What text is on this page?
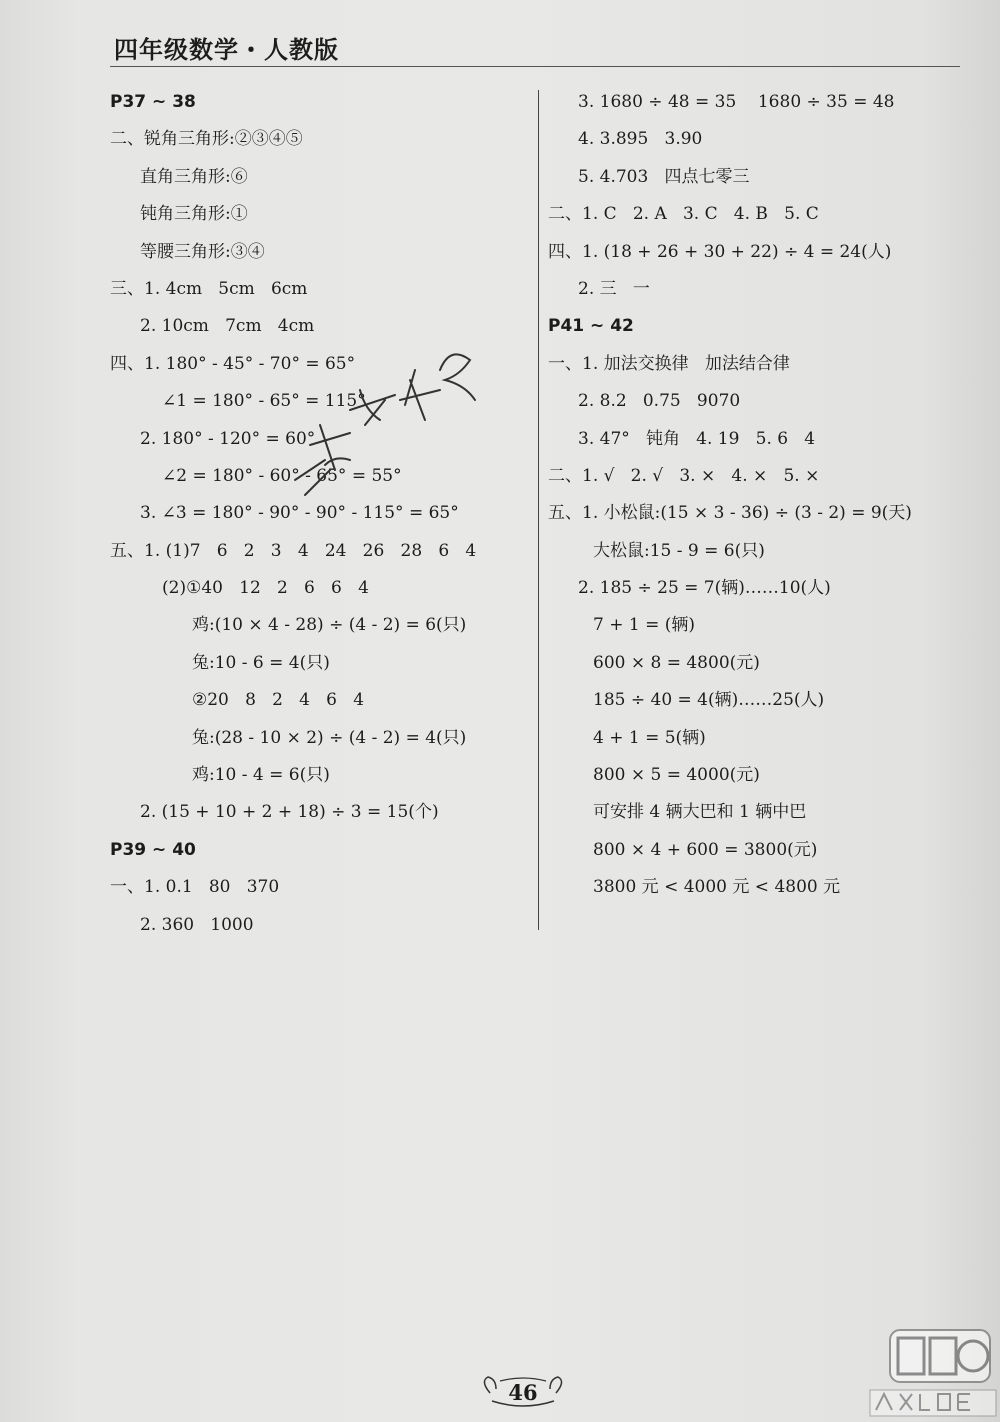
四年级数学・人教版
P37 ~ 38
二、锐角三角形:②③④⑤
直角三角形:⑥
钝角三角形:①
等腰三角形:③④
三、1. 4cm   5cm   6cm
2. 10cm   7cm   4cm
四、1. 180° - 45° - 70° = 65°
∠1 = 180° - 65° = 115°
2. 180° - 120° = 60°
∠2 = 180° - 60° - 65° = 55°
3. ∠3 = 180° - 90° - 90° - 115° = 65°
五、1. (1)7   6   2   3   4   24   26   28   6   4
(2)①40   12   2   6   6   4
鸡:(10 × 4 - 28) ÷ (4 - 2) = 6(只)
兔:10 - 6 = 4(只)
②20   8   2   4   6   4
兔:(28 - 10 × 2) ÷ (4 - 2) = 4(只)
鸡:10 - 4 = 6(只)
2. (15 + 10 + 2 + 18) ÷ 3 = 15(个)
P39 ~ 40
一、1. 0.1   80   370
2. 360   1000
3. 1680 ÷ 48 = 35    1680 ÷ 35 = 48
4. 3.895   3.90
5. 4.703   四点七零三
二、1. C   2. A   3. C   4. B   5. C
四、1. (18 + 26 + 30 + 22) ÷ 4 = 24(人)
2. 三   一
P41 ~ 42
一、1. 加法交换律   加法结合律
2. 8.2   0.75   9070
3. 47°   钝角   4. 19   5. 6   4
二、1. √   2. √   3. ×   4. ×   5. ×
五、1. 小松鼠:(15 × 3 - 36) ÷ (3 - 2) = 9(天)
大松鼠:15 - 9 = 6(只)
2. 185 ÷ 25 = 7(辆)……10(人)
7 + 1 = (辆)
600 × 8 = 4800(元)
185 ÷ 40 = 4(辆)……25(人)
4 + 1 = 5(辆)
800 × 5 = 4000(元)
可安排 4 辆大巴和 1 辆中巴
800 × 4 + 600 = 3800(元)
3800 元 < 4000 元 < 4800 元
46
